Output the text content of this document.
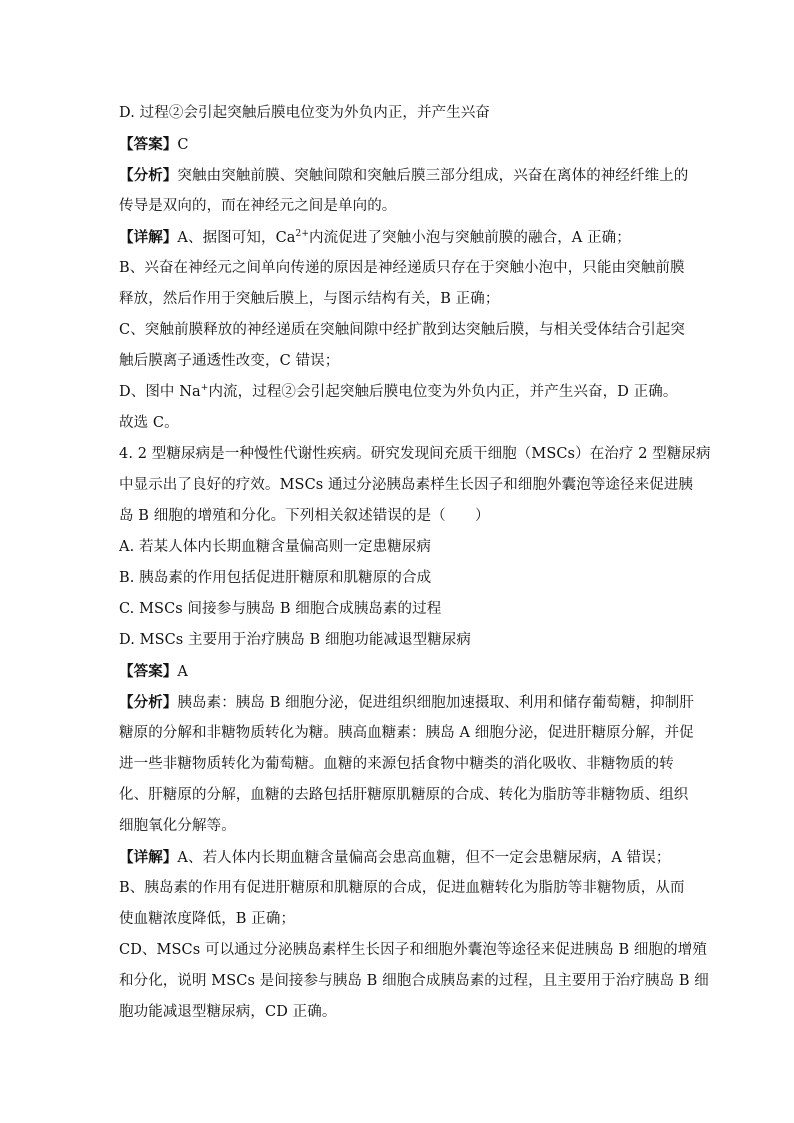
D. 过程②会引起突触后膜电位变为外负内正，并产生兴奋
【答案】C
【分析】突触由突触前膜、突触间隙和突触后膜三部分组成，兴奋在离体的神经纤维上的
传导是双向的，而在神经元之间是单向的。
【详解】A、据图可知，$Ca^{2+}$内流促进了突触小泡与突触前膜的融合，A 正确；
B、兴奋在神经元之间单向传递的原因是神经递质只存在于突触小泡中，只能由突触前膜
释放，然后作用于突触后膜上，与图示结构有关，B 正确；
C、突触前膜释放的神经递质在突触间隙中经扩散到达突触后膜，与相关受体结合引起突
触后膜离子通透性改变，C 错误；
D、图中 Na+内流，过程②会引起突触后膜电位变为外负内正，并产生兴奋，D 正确。
故选 C。
4. 2 型糖尿病是一种慢性代谢性疾病。研究发现间充质干细胞（MSCs）在治疗 2 型糖尿病
中显示出了良好的疗效。MSCs 通过分泌胰岛素样生长因子和细胞外囊泡等途径来促进胰
岛 B 细胞的增殖和分化。下列相关叙述错误的是（　　）
A. 若某人体内长期血糖含量偏高则一定患糖尿病
B. 胰岛素的作用包括促进肝糖原和肌糖原的合成
C. MSCs 间接参与胰岛 B 细胞合成胰岛素的过程
D. MSCs 主要用于治疗胰岛 B 细胞功能减退型糖尿病
【答案】A
【分析】胰岛素：胰岛 B 细胞分泌，促进组织细胞加速摄取、利用和储存葡萄糖，抑制肝
糖原的分解和非糖物质转化为糖。胰高血糖素：胰岛 A 细胞分泌，促进肝糖原分解，并促
进一些非糖物质转化为葡萄糖。血糖的来源包括食物中糖类的消化吸收、非糖物质的转
化、肝糖原的分解，血糖的去路包括肝糖原肌糖原的合成、转化为脂肪等非糖物质、组织
细胞氧化分解等。
【详解】A、若人体内长期血糖含量偏高会患高血糖，但不一定会患糖尿病，A 错误；
B、胰岛素的作用有促进肝糖原和肌糖原的合成，促进血糖转化为脂肪等非糖物质，从而
使血糖浓度降低，B 正确；
CD、MSCs 可以通过分泌胰岛素样生长因子和细胞外囊泡等途径来促进胰岛 B 细胞的增殖
和分化，说明 MSCs 是间接参与胰岛 B 细胞合成胰岛素的过程，且主要用于治疗胰岛 B 细
胞功能减退型糖尿病，CD 正确。
